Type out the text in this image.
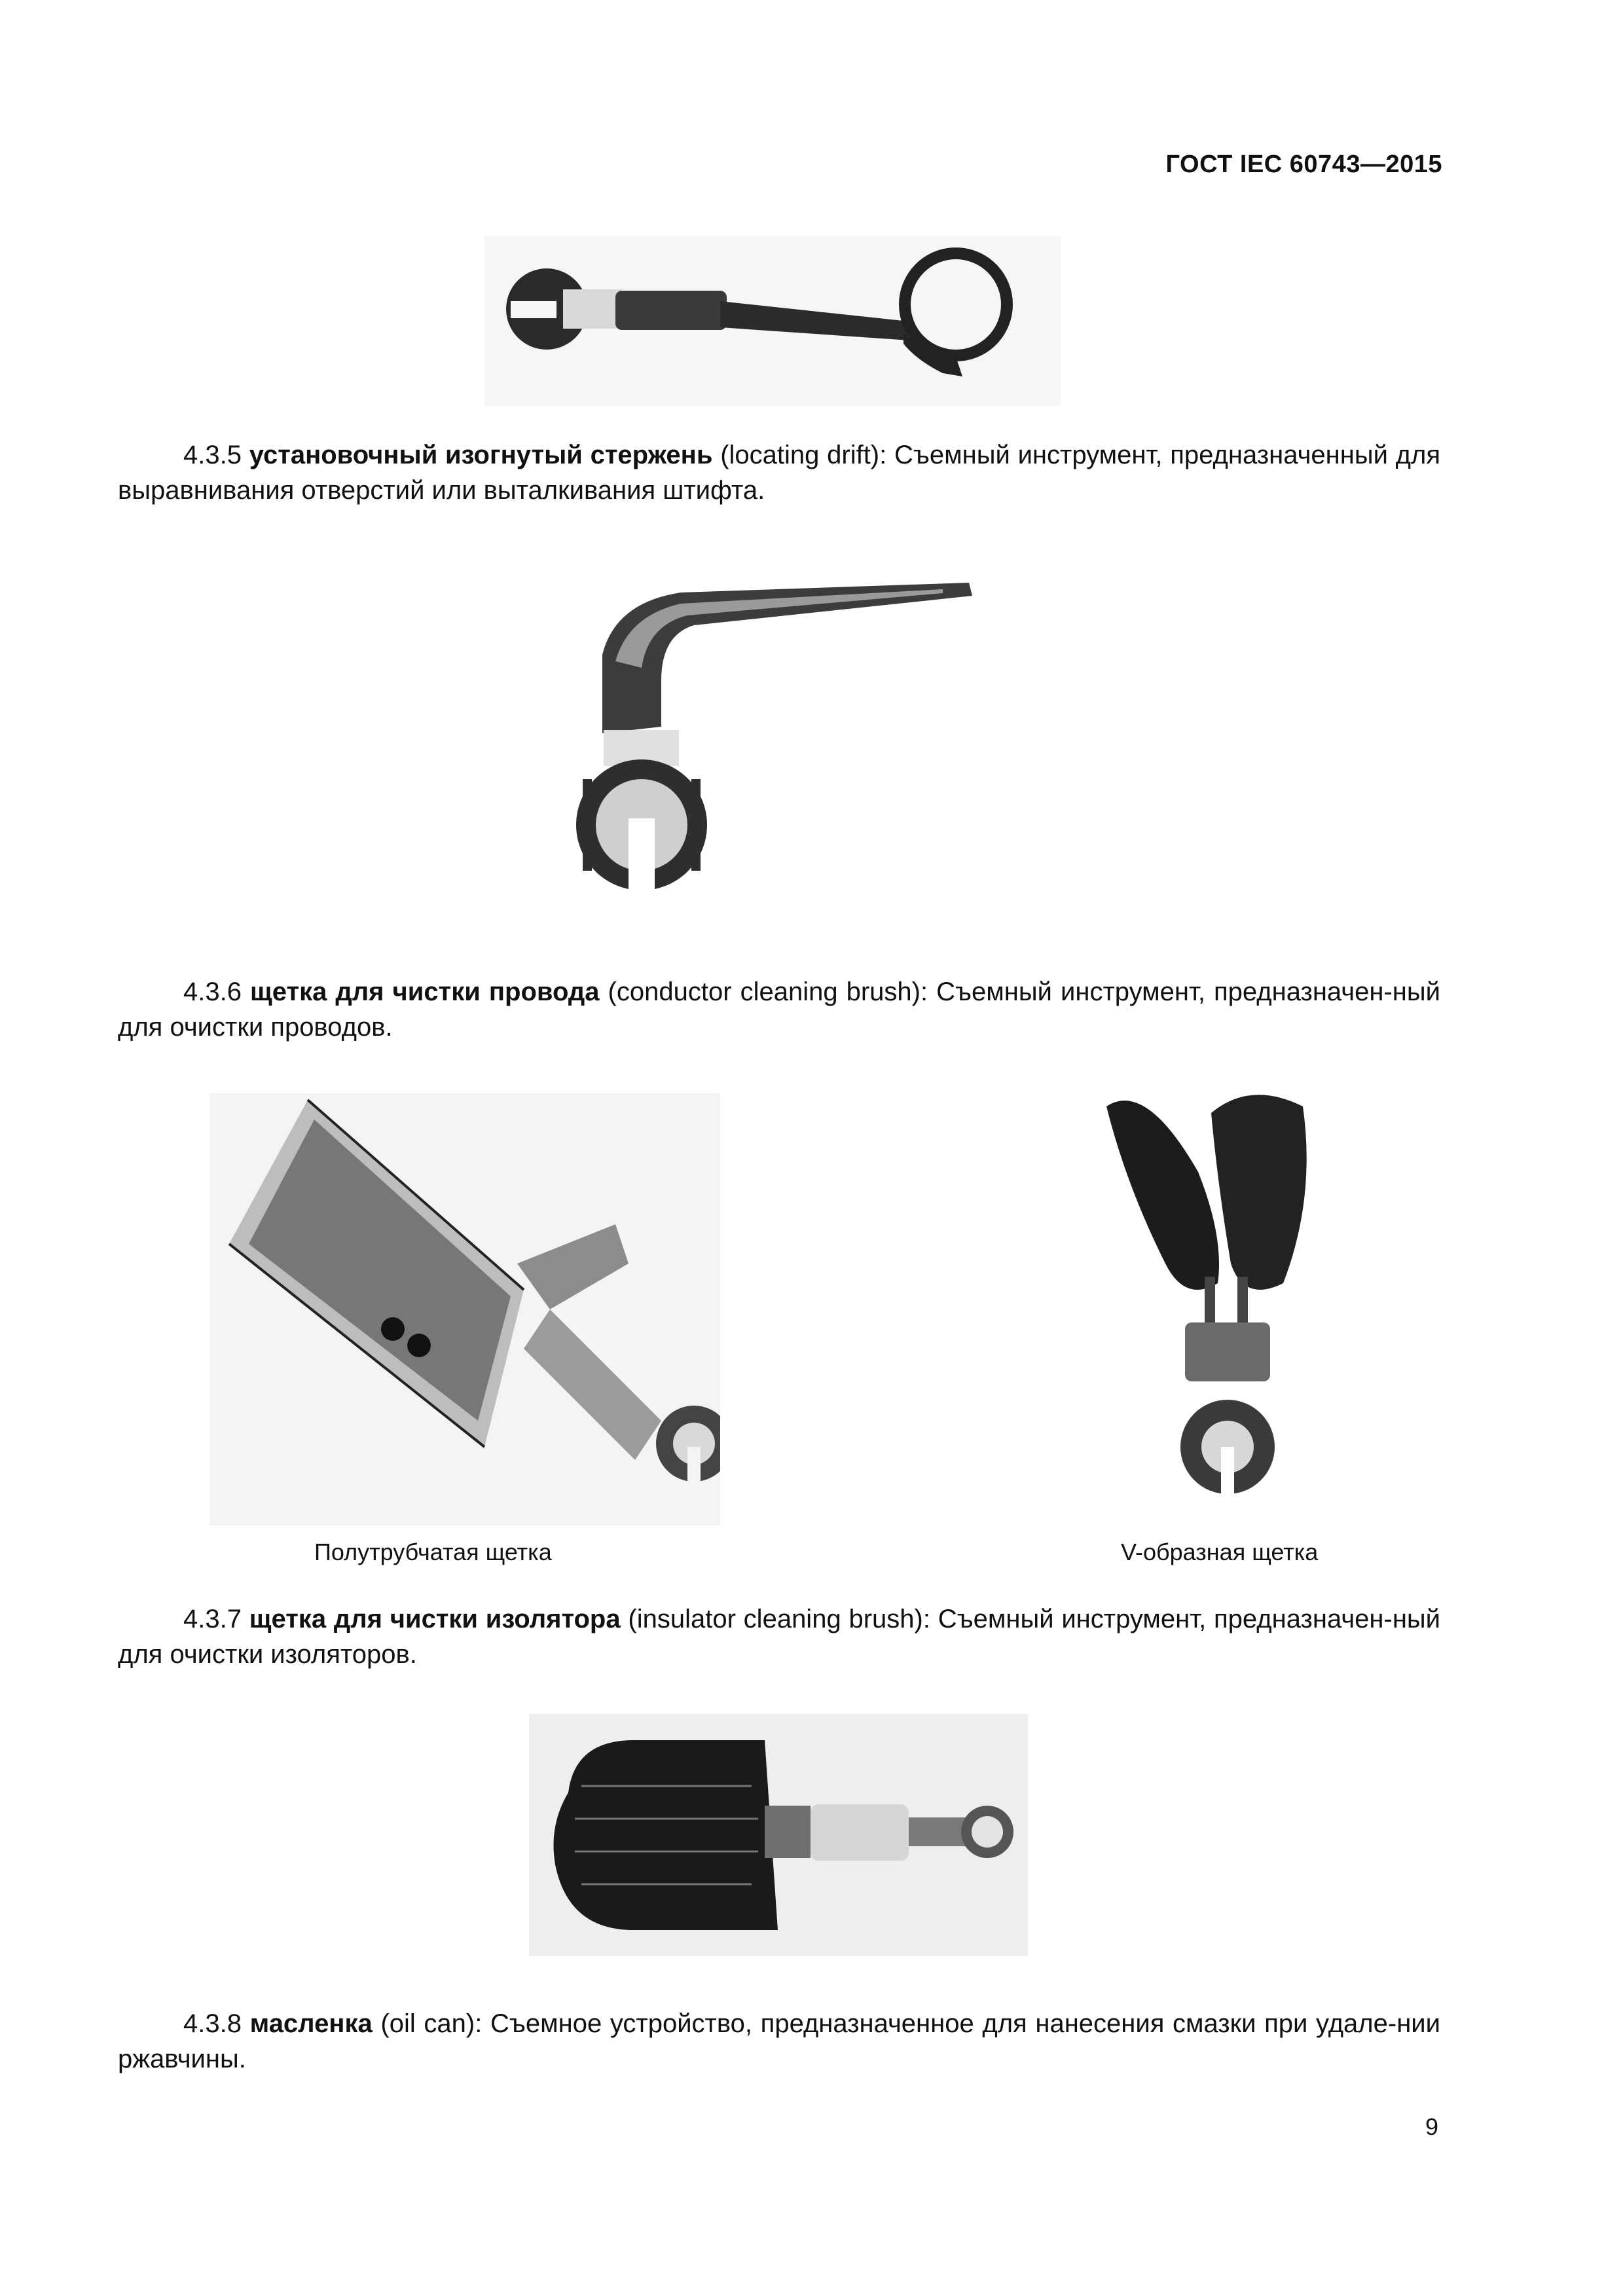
ГОСТ IEC 60743—2015
4.3.5 установочный изогнутый стержень (locating drift): Съемный инструмент, предназначенный для выравнивания отверстий или выталкивания штифта.
4.3.6 щетка для чистки провода (conductor cleaning brush): Съемный инструмент, предназначен-ный для очистки проводов.
Полутрубчатая щетка	V-образная щетка
4.3.7 щетка для чистки изолятора (insulator cleaning brush): Съемный инструмент, предназначен-ный для очистки изоляторов.
4.3.8 масленка (oil can): Съемное устройство, предназначенное для нанесения смазки при удале-нии ржавчины.
9
